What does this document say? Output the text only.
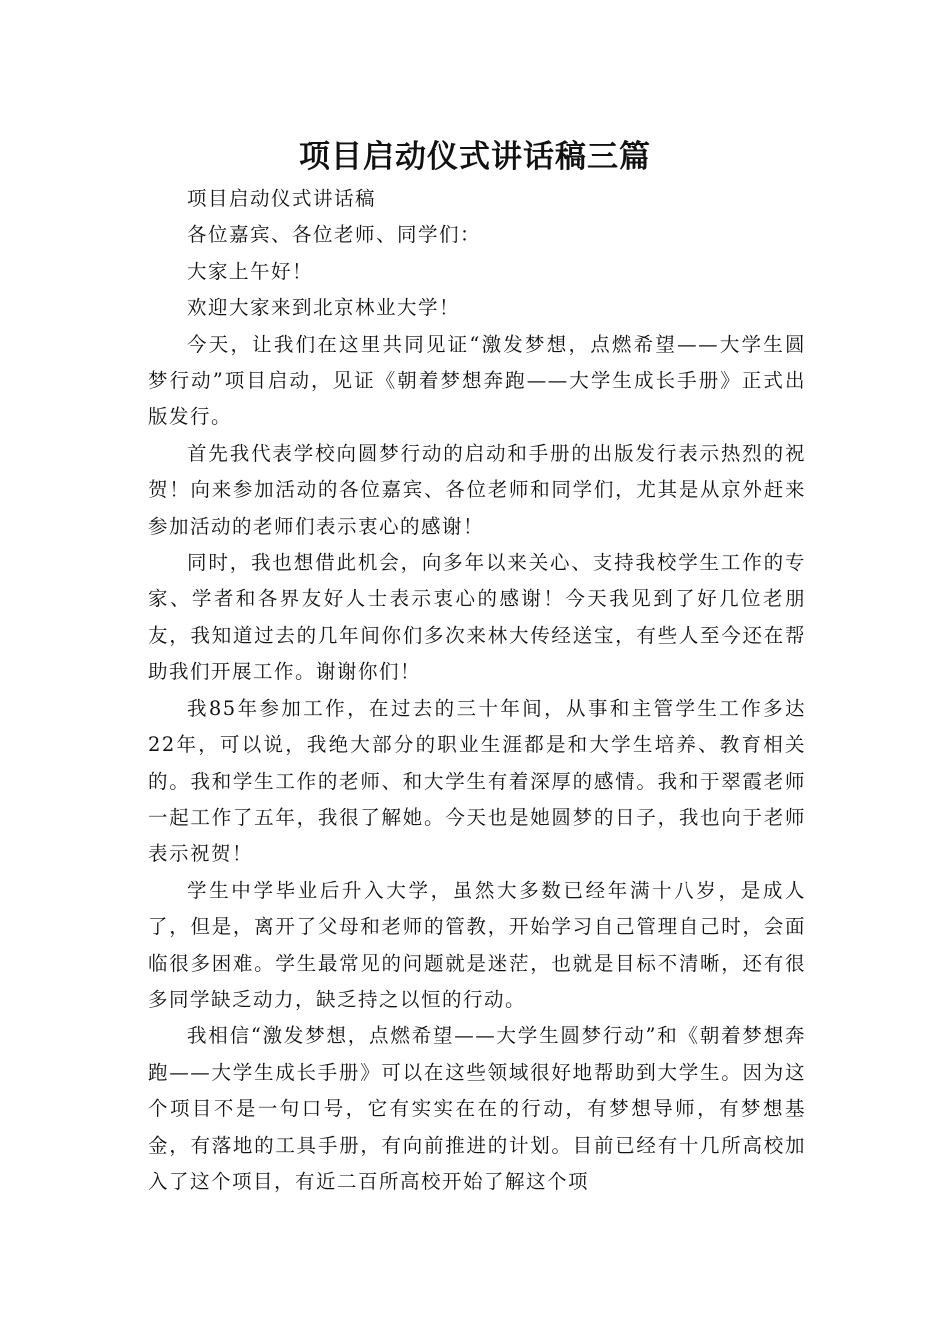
项目启动仪式讲话稿三篇

项目启动仪式讲话稿

各位嘉宾、各位老师、同学们：

大家上午好！

欢迎大家来到北京林业大学！

今天，让我们在这里共同见证“激发梦想，点燃希望——大学生圆梦行动”项目启动，见证《朝着梦想奔跑——大学生成长手册》正式出版发行。

首先我代表学校向圆梦行动的启动和手册的出版发行表示热烈的祝贺！向来参加活动的各位嘉宾、各位老师和同学们，尤其是从京外赶来参加活动的老师们表示衷心的感谢！

同时，我也想借此机会，向多年以来关心、支持我校学生工作的专家、学者和各界友好人士表示衷心的感谢！今天我见到了好几位老朋友，我知道过去的几年间你们多次来林大传经送宝，有些人至今还在帮助我们开展工作。谢谢你们！

我85年参加工作，在过去的三十年间，从事和主管学生工作多达22年，可以说，我绝大部分的职业生涯都是和大学生培养、教育相关的。我和学生工作的老师、和大学生有着深厚的感情。我和于翠霞老师一起工作了五年，我很了解她。今天也是她圆梦的日子，我也向于老师表示祝贺！

学生中学毕业后升入大学，虽然大多数已经年满十八岁，是成人了，但是，离开了父母和老师的管教，开始学习自己管理自己时，会面临很多困难。学生最常见的问题就是迷茫，也就是目标不清晰，还有很多同学缺乏动力，缺乏持之以恒的行动。

我相信“激发梦想，点燃希望——大学生圆梦行动”和《朝着梦想奔跑——大学生成长手册》可以在这些领域很好地帮助到大学生。因为这个项目不是一句口号，它有实实在在的行动，有梦想导师，有梦想基金，有落地的工具手册，有向前推进的计划。目前已经有十几所高校加入了这个项目，有近二百所高校开始了解这个项
